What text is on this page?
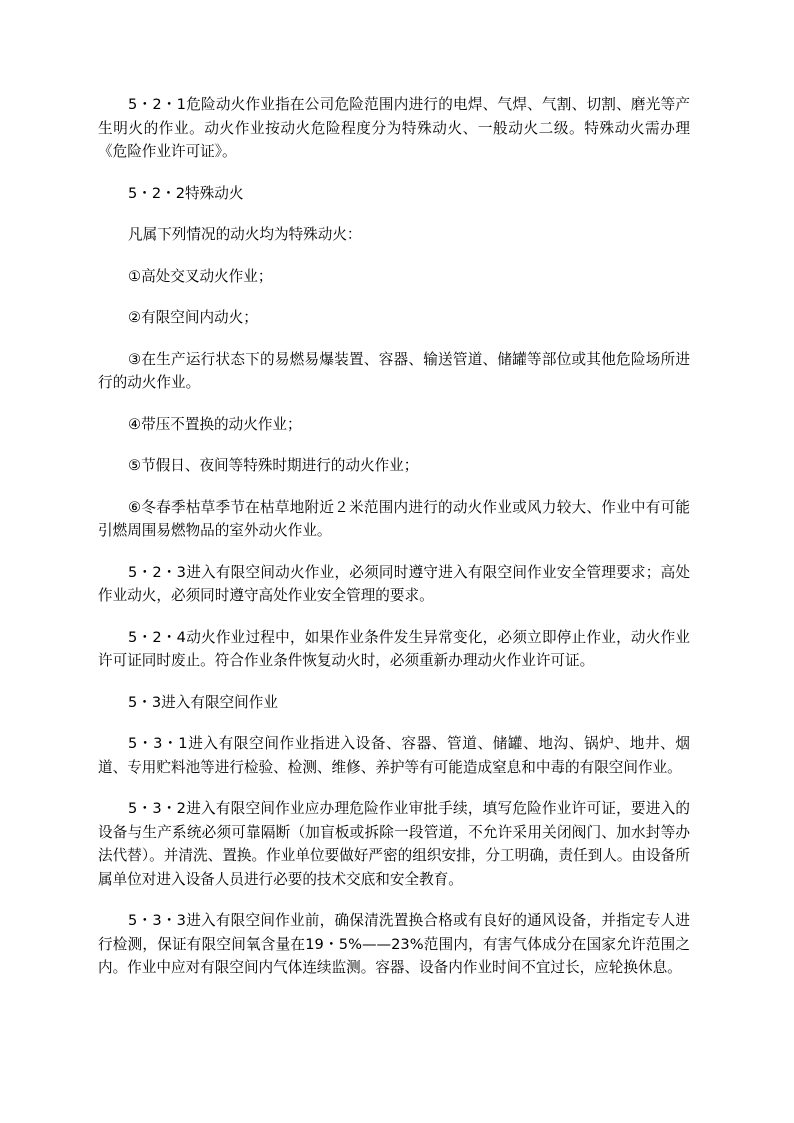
5・2・1危险动火作业指在公司危险范围内进行的电焊、气焊、气割、切割、磨光等产生明火的作业。动火作业按动火危险程度分为特殊动火、一般动火二级。特殊动火需办理《危险作业许可证》。

5・2・2特殊动火

凡属下列情况的动火均为特殊动火：

①高处交叉动火作业；

②有限空间内动火；

③在生产运行状态下的易燃易爆装置、容器、输送管道、储罐等部位或其他危险场所进行的动火作业。

④带压不置换的动火作业；

⑤节假日、夜间等特殊时期进行的动火作业；

⑥冬春季枯草季节在枯草地附近２米范围内进行的动火作业或风力较大、作业中有可能引燃周围易燃物品的室外动火作业。

5・2・3进入有限空间动火作业，必须同时遵守进入有限空间作业安全管理要求；高处作业动火，必须同时遵守高处作业安全管理的要求。

5・2・4动火作业过程中，如果作业条件发生异常变化，必须立即停止作业，动火作业许可证同时废止。符合作业条件恢复动火时，必须重新办理动火作业许可证。

5・3进入有限空间作业

5・3・1进入有限空间作业指进入设备、容器、管道、储罐、地沟、锅炉、地井、烟道、专用贮料池等进行检验、检测、维修、养护等有可能造成窒息和中毒的有限空间作业。

5・3・2进入有限空间作业应办理危险作业审批手续，填写危险作业许可证，要进入的设备与生产系统必须可靠隔断（加盲板或拆除一段管道，不允许采用关闭阀门、加水封等办法代替）。并清洗、置换。作业单位要做好严密的组织安排，分工明确，责任到人。由设备所属单位对进入设备人员进行必要的技术交底和安全教育。

5・3・3进入有限空间作业前，确保清洗置换合格或有良好的通风设备，并指定专人进行检测，保证有限空间氧含量在19・5%——23%范围内，有害气体成分在国家允许范围之内。作业中应对有限空间内气体连续监测。容器、设备内作业时间不宜过长，应轮换休息。
